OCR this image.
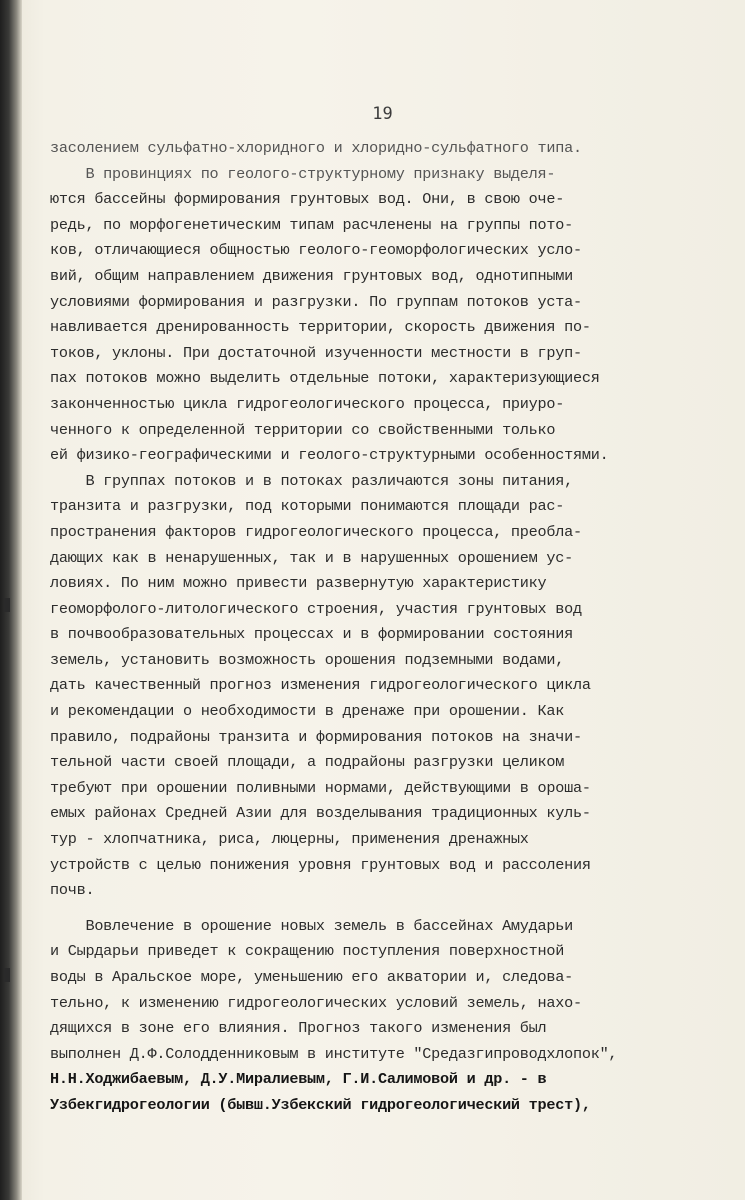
19
засолением сульфатно-хлоридного и хлоридно-сульфатного типа.
В провинциях по геолого-структурному признаку выделя-
ются бассейны формирования грунтовых вод. Они, в свою оче-
редь, по морфогенетическим типам расчленены на группы пото-
ков, отличающиеся общностью геолого-геоморфологических усло-
вий, общим направлением движения грунтовых вод, однотипными
условиями формирования и разгрузки. По группам потоков уста-
навливается дренированность территории, скорость движения по-
токов, уклоны. При достаточной изученности местности в груп-
пах потоков можно выделить отдельные потоки, характеризующиеся
законченностью цикла гидрогеологического процесса, приуро-
ченного к определенной территории со свойственными только
ей физико-географическими и геолого-структурными особенностями.
В группах потоков и в потоках различаются зоны питания,
транзита и разгрузки, под которыми понимаются площади рас-
пространения факторов гидрогеологического процесса, преобла-
дающих как в ненарушенных, так и в нарушенных орошением ус-
ловиях. По ним можно привести развернутую характеристику
геоморфолого-литологического строения, участия грунтовых вод
в почвообразовательных процессах и в формировании состояния
земель, установить возможность орошения подземными водами,
дать качественный прогноз изменения гидрогеологического цикла
и рекомендации о необходимости в дренаже при орошении. Как
правило, подрайоны транзита и формирования потоков на значи-
тельной части своей площади, а подрайоны разгрузки целиком
требуют при орошении поливными нормами, действующими в ороша-
емых районах Средней Азии для возделывания традиционных куль-
тур - хлопчатника, риса, люцерны, применения дренажных
устройств с целью понижения уровня грунтовых вод и рассоления
почв.
Вовлечение в орошение новых земель в бассейнах Амударьи
и Сырдарьи приведет к сокращению поступления поверхностной
воды в Аральское море, уменьшению его акватории и, следова-
тельно, к изменению гидрогеологических условий земель, нахо-
дящихся в зоне его влияния. Прогноз такого изменения был
выполнен Д.Ф.Солодденниковым в институте "Средазгипроводхлопок",
Н.Н.Ходжибаевым, Д.У.Миралиевым, Г.И.Салимовой и др. - в
Узбекгидрогеологии (бывш.Узбекский гидрогеологический трест),
